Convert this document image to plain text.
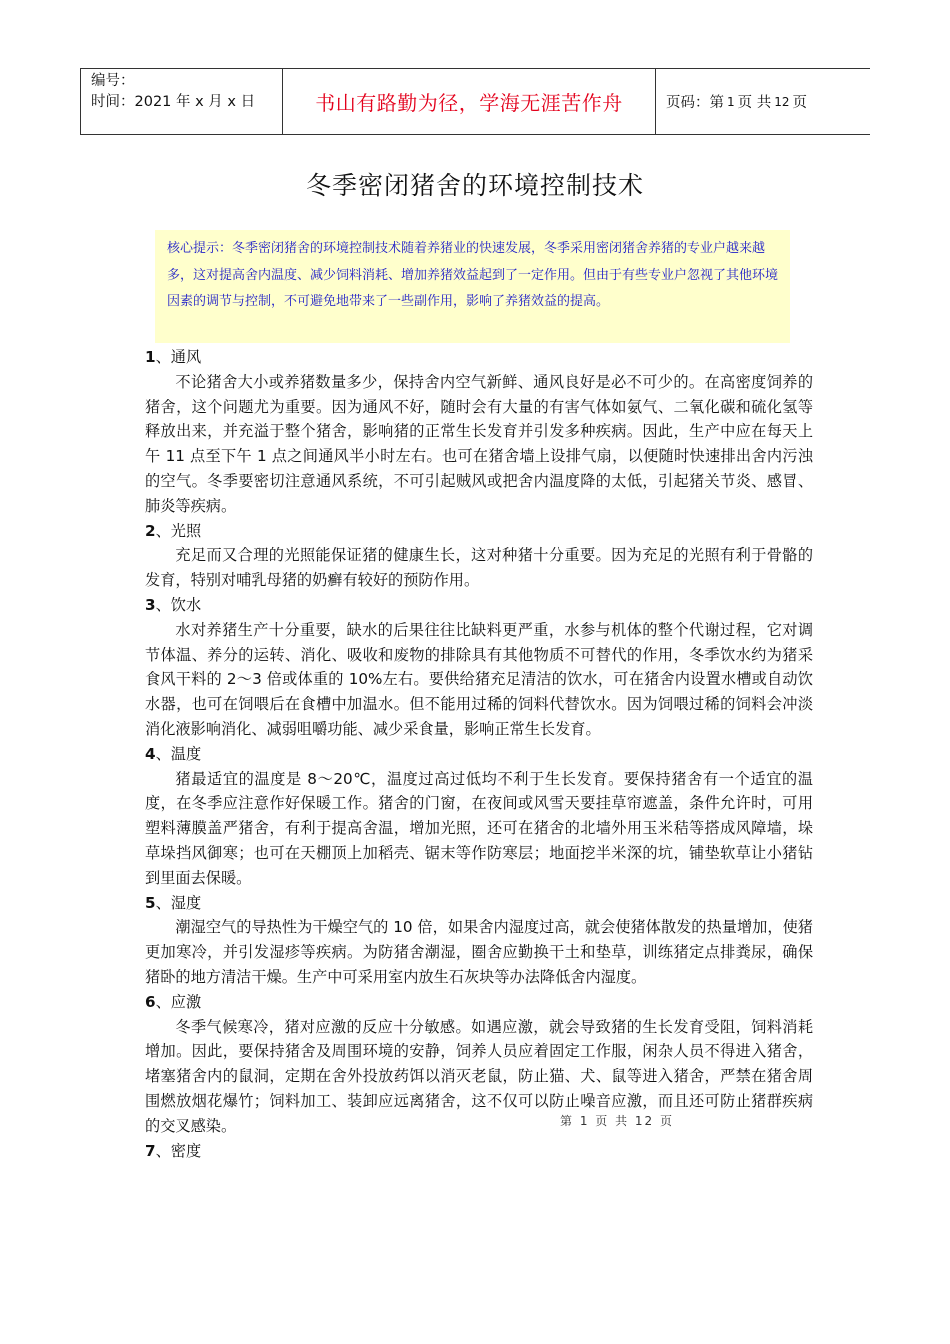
编号：
时间：2021 年 x 月 x 日	书山有路勤为径，学海无涯苦作舟	页码：第 1 页 共 12 页
冬季密闭猪舍的环境控制技术
核心提示：冬季密闭猪舍的环境控制技术随着养猪业的快速发展，冬季采用密闭猪舍养猪的专业户越来越多，这对提高舍内温度、减少饲料消耗、增加养猪效益起到了一定作用。但由于有些专业户忽视了其他环境因素的调节与控制，不可避免地带来了一些副作用，影响了养猪效益的提高。
1、通风

不论猪舍大小或养猪数量多少，保持舍内空气新鲜、通风良好是必不可少的。在高密度饲养的猪舍，这个问题尤为重要。因为通风不好，随时会有大量的有害气体如氨气、二氧化碳和硫化氢等释放出来，并充溢于整个猪舍，影响猪的正常生长发育并引发多种疾病。因此，生产中应在每天上午 11 点至下午 1 点之间通风半小时左右。也可在猪舍墙上设排气扇，以便随时快速排出舍内污浊的空气。冬季要密切注意通风系统，不可引起贼风或把舍内温度降的太低，引起猪关节炎、感冒、肺炎等疾病。

2、光照

充足而又合理的光照能保证猪的健康生长，这对种猪十分重要。因为充足的光照有利于骨骼的发育，特别对哺乳母猪的奶癣有较好的预防作用。

3、饮水

水对养猪生产十分重要，缺水的后果往往比缺料更严重，水参与机体的整个代谢过程，它对调节体温、养分的运转、消化、吸收和废物的排除具有其他物质不可替代的作用，冬季饮水约为猪采食风干料的 2～3 倍或体重的 10%左右。要供给猪充足清洁的饮水，可在猪舍内设置水槽或自动饮水器，也可在饲喂后在食槽中加温水。但不能用过稀的饲料代替饮水。因为饲喂过稀的饲料会冲淡消化液影响消化、减弱咀嚼功能、减少采食量，影响正常生长发育。

4、温度

猪最适宜的温度是 8～20℃，温度过高过低均不利于生长发育。要保持猪舍有一个适宜的温度，在冬季应注意作好保暖工作。猪舍的门窗，在夜间或风雪天要挂草帘遮盖，条件允许时，可用塑料薄膜盖严猪舍，有利于提高舍温，增加光照，还可在猪舍的北墙外用玉米秸等搭成风障墙，垛草垛挡风御寒；也可在天棚顶上加稻壳、锯末等作防寒层；地面挖半米深的坑，铺垫软草让小猪钻到里面去保暖。

5、湿度

潮湿空气的导热性为干燥空气的 10 倍，如果舍内湿度过高，就会使猪体散发的热量增加，使猪更加寒冷，并引发湿疹等疾病。为防猪舍潮湿，圈舍应勤换干土和垫草，训练猪定点排粪尿，确保猪卧的地方清洁干燥。生产中可采用室内放生石灰块等办法降低舍内湿度。

6、应激

冬季气候寒冷，猪对应激的反应十分敏感。如遇应激，就会导致猪的生长发育受阻，饲料消耗增加。因此，要保持猪舍及周围环境的安静，饲养人员应着固定工作服，闲杂人员不得进入猪舍，堵塞猪舍内的鼠洞，定期在舍外投放药饵以消灭老鼠，防止猫、犬、鼠等进入猪舍，严禁在猪舍周围燃放烟花爆竹；饲料加工、装卸应远离猪舍，这不仅可以防止噪音应激，而且还可防止猪群疾病的交叉感染。

7、密度
第 1 页 共 12 页
